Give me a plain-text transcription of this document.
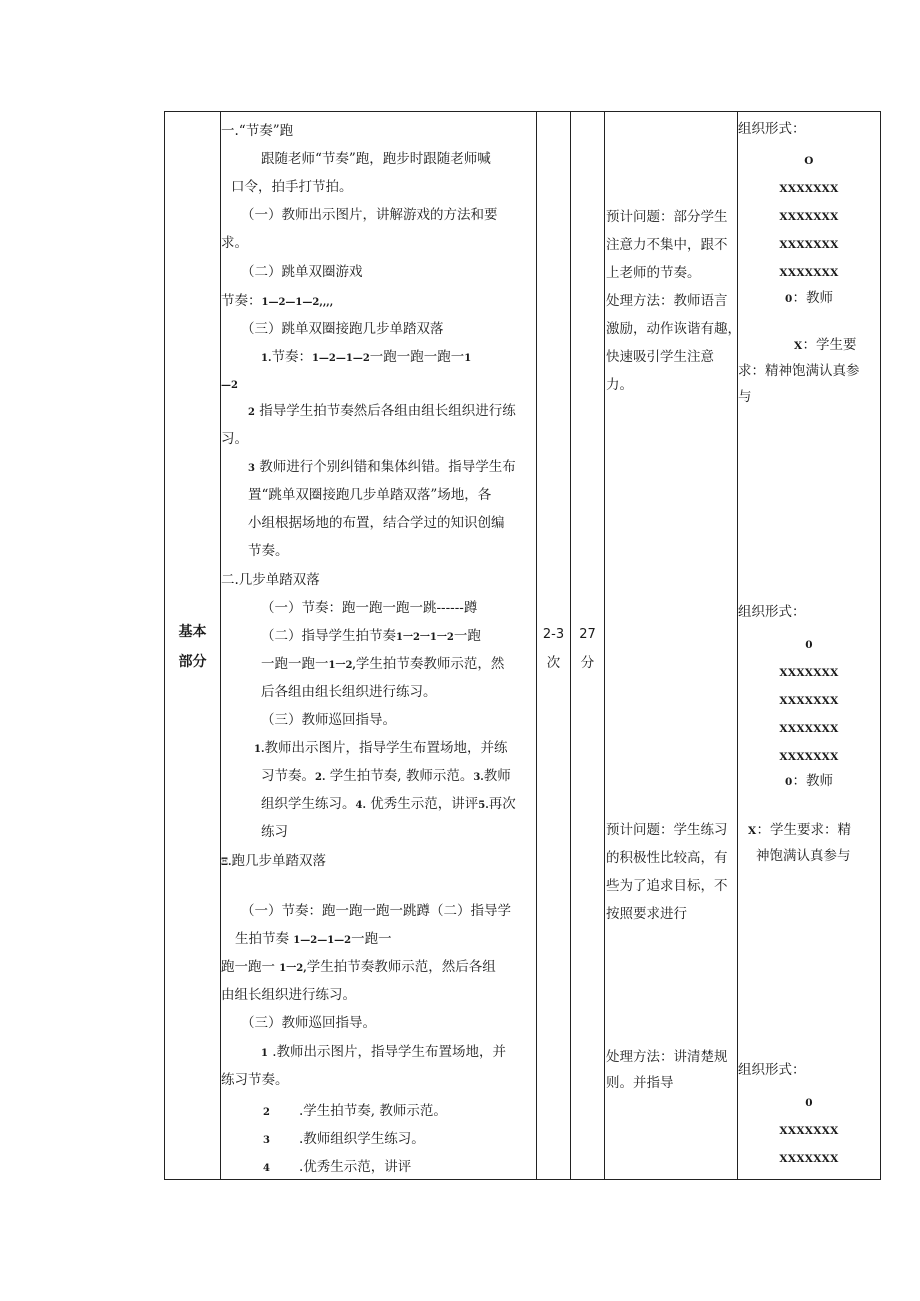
基本
部分
一.“节奏”跑
跟随老师“节奏”跑，跑步时跟随老师喊
口令，拍手打节拍。
（一）教师出示图片，讲解游戏的方法和要
求。
（二）跳单双圈游戏
节奏：1—2—1—2,,,,
（三）跳单双圈接跑几步单踏双落
1.节奏：1—2—1—2一跑一跑一跑一1
—2
2 指导学生拍节奏然后各组由组长组织进行练
习。
3 教师进行个别纠错和集体纠错。指导学生布
置“跳单双圈接跑几步单踏双落”场地，各
小组根据场地的布置，结合学过的知识创编
节奏。
二.几步单踏双落
（一）节奏：跑一跑一跑一跳------蹲
（二）指导学生拍节奏1一2一1一2一跑
一跑一跑一1一2,学生拍节奏教师示范，然
后各组由组长组织进行练习。
（三）教师巡回指导。
1.教师出示图片，指导学生布置场地，并练
习节奏。2. 学生拍节奏, 教师示范。3.教师
组织学生练习。4. 优秀生示范，讲评5.再次
练习
Ξ.跑几步单踏双落
（一）节奏：跑一跑一跑一跳蹲（二）指导学
生拍节奏 1—2—1—2一跑一
跑一跑一 1一2,学生拍节奏教师示范，然后各组
由组长组织进行练习。
（三）教师巡回指导。
1 .教师出示图片，指导学生布置场地，并
练习节奏。
2 .学生拍节奏, 教师示范。
3 .教师组织学生练习。
4 .优秀生示范，讲评
2-3
次
27
分
预计问题：部分学生
注意力不集中，跟不
上老师的节奏。
处理方法：教师语言
激励，动作诙谐有趣，
快速吸引学生注意
力。
预计问题：学生练习
的积极性比较高，有
些为了追求目标，不
按照要求进行
处理方法：讲清楚规
则。并指导
组织形式：
O
XXXXXXX
XXXXXXX
XXXXXXX
XXXXXXX
0：教师
X：学生要
求：精神饱满认真参
与
组织形式：
0
XXXXXXX
XXXXXXX
XXXXXXX
XXXXXXX
0：教师
X：学生要求：精
神饱满认真参与
组织形式：
0
XXXXXXX
XXXXXXX
